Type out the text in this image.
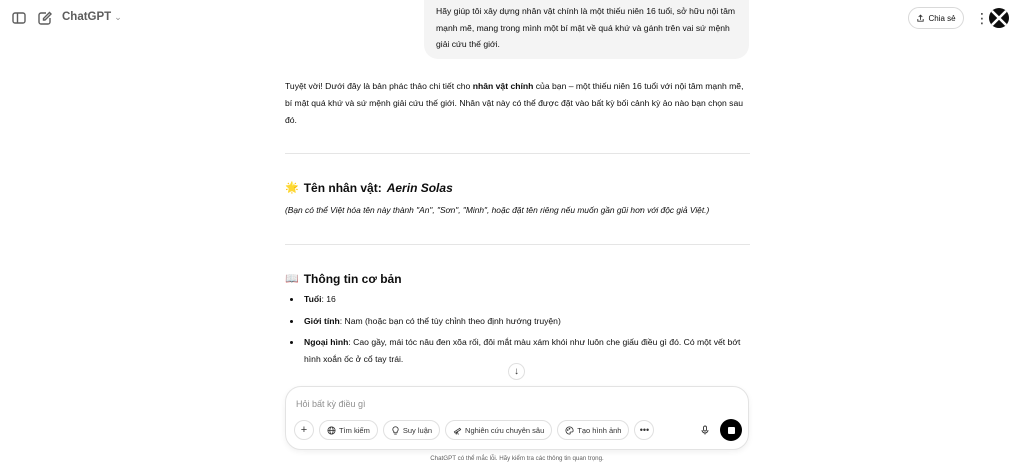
ChatGPT ⌄	Chia sẻ ⋮
Hãy giúp tôi xây dựng nhân vật chính là một thiếu niên 16 tuổi, sở hữu nội tâm mạnh mẽ, mang trong mình một bí mật về quá khứ và gánh trên vai sứ mệnh giải cứu thế giới.

Tuyệt vời! Dưới đây là bản phác thảo chi tiết cho nhân vật chính của bạn – một thiếu niên 16 tuổi với nội tâm mạnh mẽ, bí mật quá khứ và sứ mệnh giải cứu thế giới. Nhân vật này có thể được đặt vào bất kỳ bối cảnh kỳ ảo nào bạn chọn sau đó.

🌟 Tên nhân vật: Aerin Solas

(Bạn có thể Việt hóa tên này thành "An", "Sơn", "Minh", hoặc đặt tên riêng nếu muốn gần gũi hơn với độc giả Việt.)

📖 Thông tin cơ bản
Tuổi: 16
Giới tính: Nam (hoặc bạn có thể tùy chỉnh theo định hướng truyện)
Ngoại hình: Cao gầy, mái tóc nâu đen xõa rối, đôi mắt màu xám khói như luôn che giấu điều gì đó. Có một vết bớt hình xoắn ốc ở cổ tay trái.
↓
Hỏi bất kỳ điều gì
+	Tìm kiếm	Suy luận	Nghiên cứu chuyên sâu	Tạo hình ảnh •••
ChatGPT có thể mắc lỗi. Hãy kiểm tra các thông tin quan trọng.
